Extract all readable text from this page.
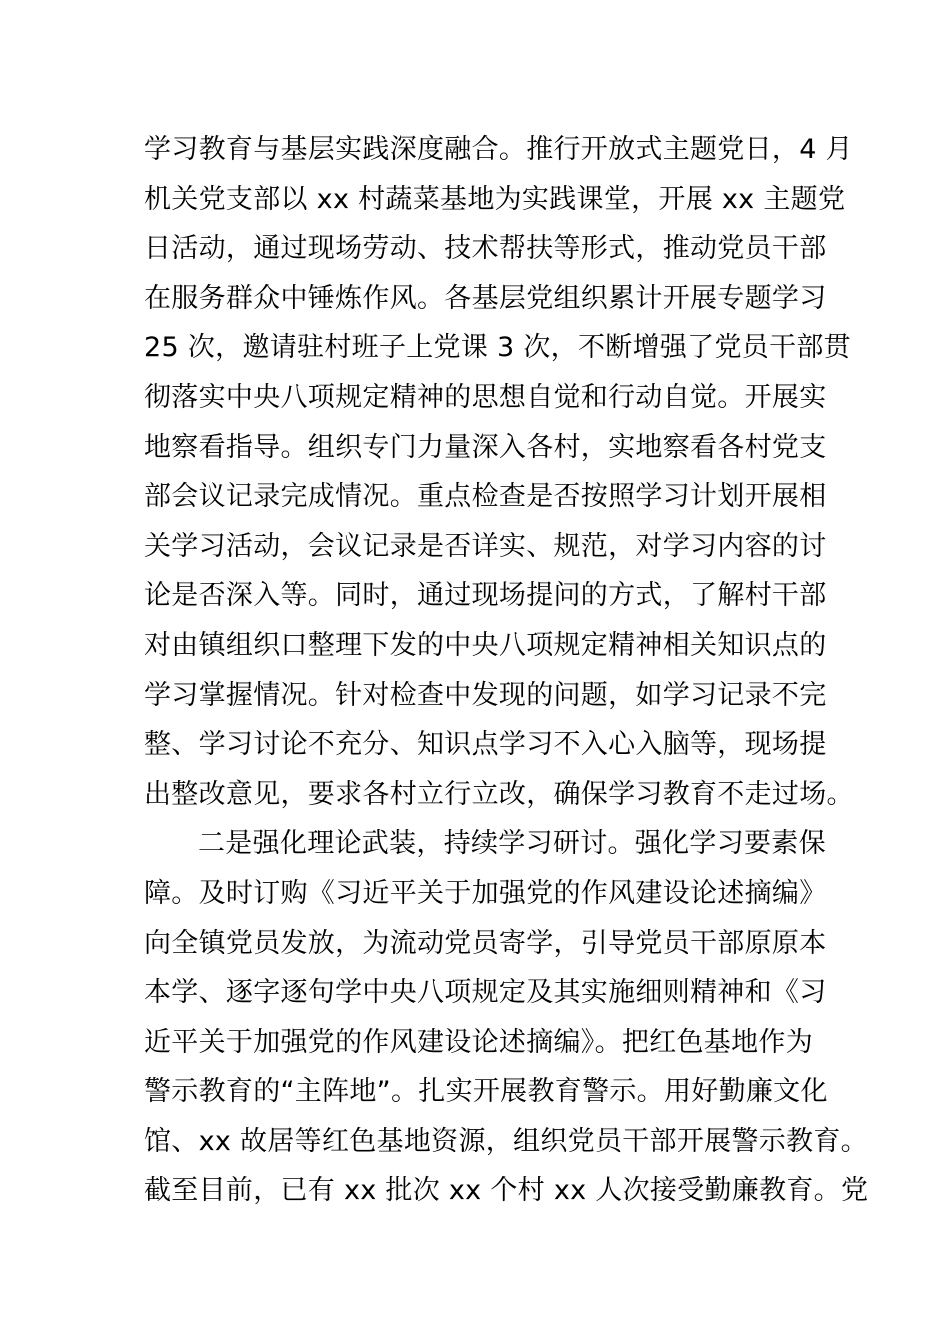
学习教育与基层实践深度融合。推行开放式主题党日，4 月
机关党支部以 xx 村蔬菜基地为实践课堂，开展 xx 主题党
日活动，通过现场劳动、技术帮扶等形式，推动党员干部
在服务群众中锤炼作风。各基层党组织累计开展专题学习
25 次，邀请驻村班子上党课 3 次，不断增强了党员干部贯
彻落实中央八项规定精神的思想自觉和行动自觉。开展实
地察看指导。组织专门力量深入各村，实地察看各村党支
部会议记录完成情况。重点检查是否按照学习计划开展相
关学习活动，会议记录是否详实、规范，对学习内容的讨
论是否深入等。同时，通过现场提问的方式，了解村干部
对由镇组织口整理下发的中央八项规定精神相关知识点的
学习掌握情况。针对检查中发现的问题，如学习记录不完
整、学习讨论不充分、知识点学习不入心入脑等，现场提
出整改意见，要求各村立行立改，确保学习教育不走过场。
二是强化理论武装，持续学习研讨。强化学习要素保
障。及时订购《习近平关于加强党的作风建设论述摘编》
向全镇党员发放，为流动党员寄学，引导党员干部原原本
本学、逐字逐句学中央八项规定及其实施细则精神和《习
近平关于加强党的作风建设论述摘编》。把红色基地作为
警示教育的“主阵地”。扎实开展教育警示。用好勤廉文化
馆、xx 故居等红色基地资源，组织党员干部开展警示教育。
截至目前，已有 xx 批次 xx 个村 xx 人次接受勤廉教育。党
